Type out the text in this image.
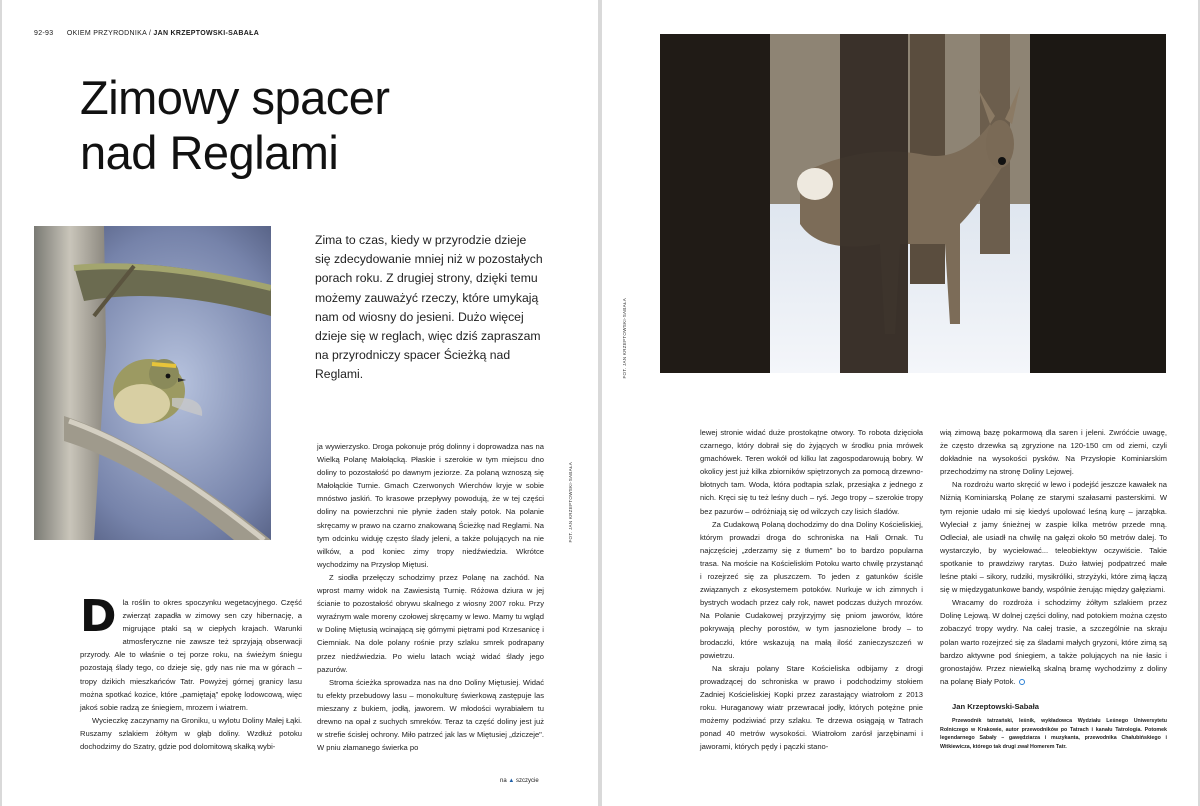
92-93 OKIEM PRZYRODNIKA / JAN KRZEPTOWSKI-SABAŁA
Zimowy spacer
nad Reglami
FOT. JAN KRZEPTOWSKI-SABAŁA
Zima to czas, kiedy w przyrodzie dzieje się zdecydowanie mniej niż w pozostałych porach roku. Z drugiej strony, dzięki temu możemy zauważyć rzeczy, które umykają nam od wiosny do jesieni. Dużo więcej dzieje się w reglach, więc dziś zapraszam na przyrodniczy spacer Ścieżką nad Reglami.

Dla roślin to okres spoczynku wegetacyjnego. Część zwierząt zapadła w zimowy sen czy hibernację, a migrujące ptaki są w ciepłych krajach. Warunki atmosferyczne nie zawsze też sprzyjają obserwacji przyrody. Ale to właśnie o tej porze roku, na świeżym śniegu pozostają ślady tego, co dzieje się, gdy nas nie ma w górach – tropy dzikich mieszkańców Tatr. Powyżej górnej granicy lasu można spotkać kozice, które „pamiętają" epokę lodowcową, więc jakoś sobie radzą ze śniegiem, mrozem i wiatrem.

Wycieczkę zaczynamy na Groniku, u wylotu Doliny Małej Łąki. Ruszamy szlakiem żółtym w głąb doliny. Wzdłuż potoku dochodzimy do Szatry, gdzie pod dolomitową skałką wybi-

ja wywierzysko. Droga pokonuje próg dolinny i doprowadza nas na Wielką Polanę Małołącką. Płaskie i szerokie w tym miejscu dno doliny to pozostałość po dawnym jeziorze. Za polaną wznoszą się Małołąckie Turnie. Gmach Czerwonych Wierchów kryje w sobie mnóstwo jaskiń. To krasowe przepływy powodują, że w tej części doliny na powierzchni nie płynie żaden stały potok. Na polanie skręcamy w prawo na czarno znakowaną Ścieżkę nad Reglami. Na tym odcinku widuję często ślady jeleni, a także polujących na nie wilków, a pod koniec zimy tropy niedźwiedzia. Wkrótce wychodzimy na Przysłop Miętusi.

Z siodła przełęczy schodzimy przez Polanę na zachód. Na wprost mamy widok na Zawiesistą Turnię. Różowa dziura w jej ścianie to pozostałość obrywu skalnego z wiosny 2007 roku. Przy wyraźnym wale moreny czołowej skręcamy w lewo. Mamy tu wgląd w Dolinę Miętusią wcinającą się górnymi piętrami pod Krzesanicę i Ciemniak. Na dole polany rośnie przy szlaku smrek podrapany przez niedźwiedzia. Po wielu latach wciąż widać ślady jego pazurów.

Stroma ścieżka sprowadza nas na dno Doliny Miętusiej. Widać tu efekty przebudowy lasu – monokulturę świerkową zastępuje las mieszany z bukiem, jodłą, jaworem. W młodości wyrabiałem tu drewno na opał z suchych smreków. Teraz ta część doliny jest już w strefie ścisłej ochrony. Miło patrzeć jak las w Miętusiej „dziczeje". W pniu złamanego świerka po

na ▲ szczycie
FOT. JAN KRZEPTOWSKI-SABAŁA

lewej stronie widać duże prostokątne otwory. To robota dzięcioła czarnego, który dobrał się do żyjących w środku pnia mrówek gmachówek. Teren wokół od kilku lat zagospodarowują bobry. W okolicy jest już kilka zbiorników spiętrzonych za pomocą drzewno-błotnych tam. Woda, która podtapia szlak, przesiąka z jednego z nich. Kręci się tu też leśny duch – ryś. Jego tropy – szerokie tropy bez pazurów – odróżniają się od wilczych czy lisich śladów.

Za Cudakową Polaną dochodzimy do dna Doliny Kościeliskiej, którym prowadzi droga do schroniska na Hali Ornak. Tu najczęściej „zderzamy się z tłumem" bo to bardzo popularna trasa. Na moście na Kościeliskim Potoku warto chwilę przystanąć i rozejrzeć się za pluszczem. To jeden z gatunków ściśle związanych z ekosystemem potoków. Nurkuje w ich zimnych i bystrych wodach przez cały rok, nawet podczas dużych mrozów. Na Polanie Cudakowej przyjrzyjmy się pniom jaworów, które pokrywają plechy porostów, w tym jasnozielone brody – to brodaczki, które wskazują na małą ilość zanieczyszczeń w powietrzu.

Na skraju polany Stare Kościeliska odbijamy z drogi prowadzącej do schroniska w prawo i podchodzimy stokiem Zadniej Kościeliskiej Kopki przez zarastający wiatrołom z 2013 roku. Huraganowy wiatr przewracał jodły, których potężne pnie możemy podziwiać przy szlaku. Te drzewa osiągają w Tatrach ponad 40 metrów wysokości. Wiatrołom zarósł jarzębinami i jaworami, których pędy i pączki stano-

wią zimową bazę pokarmową dla saren i jeleni. Zwróćcie uwagę, że często drzewka są zgryzione na 120-150 cm od ziemi, czyli dokładnie na wysokości pysków. Na Przysłopie Kominiarskim przechodzimy na stronę Doliny Lejowej.

Na rozdrożu warto skręcić w lewo i podejść jeszcze kawałek na Niżnią Kominiarską Polanę ze starymi szałasami pasterskimi. W tym rejonie udało mi się kiedyś upolować leśną kurę – jarząbka. Wyleciał z jamy śnieżnej w zaspie kilka metrów przede mną. Odleciał, ale usiadł na chwilę na gałęzi około 50 metrów dalej. To wystarczyło, by wyciełować... teleobiektyw oczywiście. Takie spotkanie to prawdziwy rarytas. Dużo łatwiej podpatrzeć małe leśne ptaki – sikory, rudziki, mysikróliki, strzyżyki, które zimą łączą się w międzygatunkowe bandy, wspólnie żerując między gałęziami.

Wracamy do rozdroża i schodzimy żółtym szlakiem przez Dolinę Lejową. W dolnej części doliny, nad potokiem można często zobaczyć tropy wydry. Na całej trasie, a szczególnie na skraju polan warto rozejrzeć się za śladami małych gryzoni, które zimą są bardzo aktywne pod śniegiem, a także polujących na nie łasic i gronostajów. Przez niewielką skalną bramę wychodzimy z doliny na polanę Biały Potok.

Jan Krzeptowski-Sabała

Przewodnik tatrzański, leśnik, wykładowca Wydziału Leśnego Uniwersytetu Rolniczego w Krakowie, autor przewodników po Tatrach i kanału Tatrologia. Potomek legendarnego Sabały – gawędziarza i muzykanta, przewodnika Chałubińskiego i Witkiewicza, którego tak drugi zwał Homerem Tatr.
